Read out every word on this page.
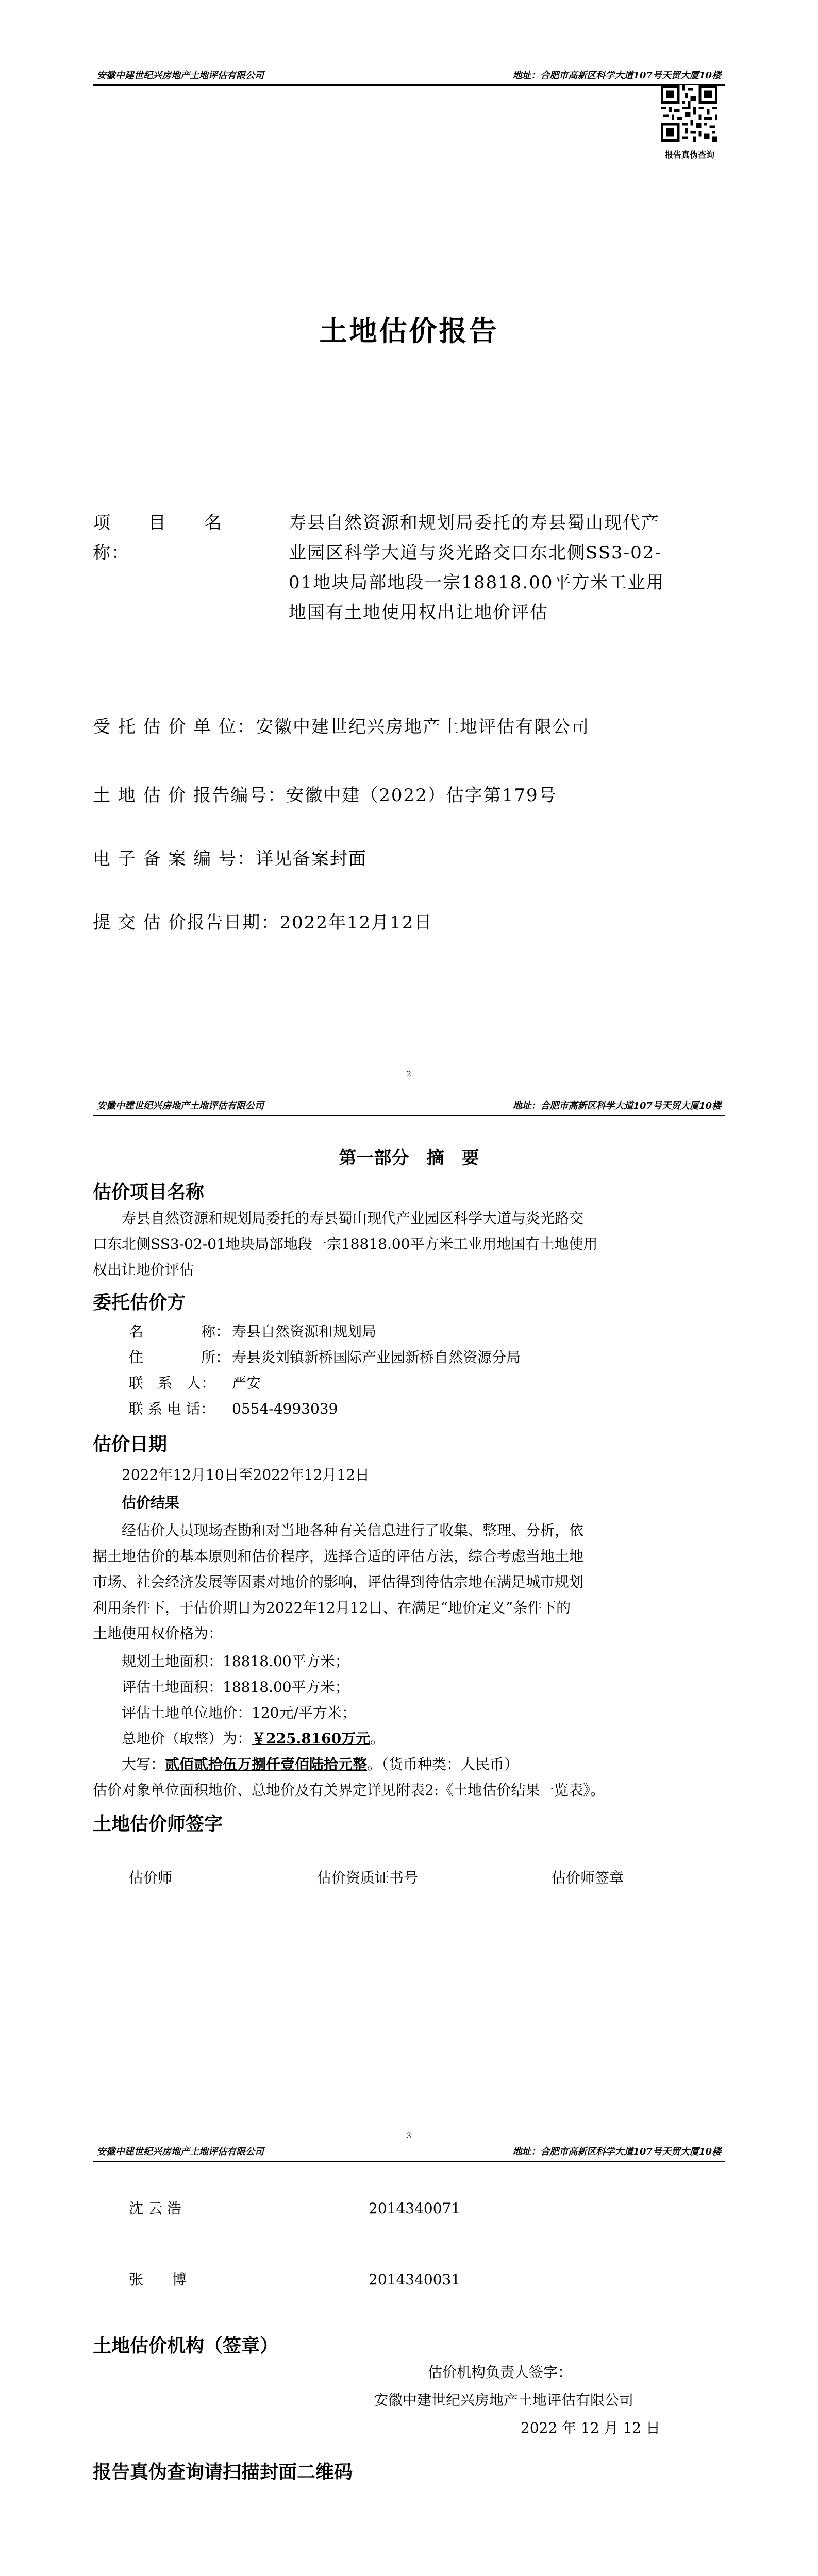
安徽中建世纪兴房地产土地评估有限公司	地址：合肥市高新区科学大道107号天贸大厦10楼
报告真伪查询
土地估价报告
项　　目　　名　　称：
寿县自然资源和规划局委托的寿县蜀山现代产
业园区科学大道与炎光路交口东北侧SS3-02-
01地块局部地段一宗18818.00平方米工业用
地国有土地使用权出让地价评估
受 托 估 价 单 位：安徽中建世纪兴房地产土地评估有限公司
土 地 估 价 报告编号：安徽中建（2022）估字第179号
电 子 备 案 编 号：详见备案封面
提 交 估 价报告日期：2022年12月12日
2
安徽中建世纪兴房地产土地评估有限公司	地址：合肥市高新区科学大道107号天贸大厦10楼
第一部分　摘　要
估价项目名称
寿县自然资源和规划局委托的寿县蜀山现代产业园区科学大道与炎光路交
口东北侧SS3-02-01地块局部地段一宗18818.00平方米工业用地国有土地使用
权出让地价评估
委托估价方
名　　　　称： 寿县自然资源和规划局
住　　　　所： 寿县炎刘镇新桥国际产业园新桥自然资源分局
联　系　人： 严安
联 系 电 话： 0554-4993039
估价日期
2022年12月10日至2022年12月12日
估价结果
经估价人员现场查勘和对当地各种有关信息进行了收集、整理、分析，依
据土地估价的基本原则和估价程序，选择合适的评估方法，综合考虑当地土地
市场、社会经济发展等因素对地价的影响，评估得到待估宗地在满足城市规划
利用条件下，于估价期日为2022年12月12日、在满足“地价定义”条件下的
土地使用权价格为：
规划土地面积：18818.00平方米；
评估土地面积：18818.00平方米；
评估土地单位地价：120元/平方米；
总地价（取整）为：￥225.8160万元。
大写：贰佰贰拾伍万捌仟壹佰陆拾元整。（货币种类：人民币）
估价对象单位面积地价、总地价及有关界定详见附表2:《土地估价结果一览表》。
土地估价师签字
估价师	估价资质证书号	估价师签章
3
安徽中建世纪兴房地产土地评估有限公司	地址：合肥市高新区科学大道107号天贸大厦10楼
沈 云 浩	2014340071
张　　博	2014340031
土地估价机构（签章）
估价机构负责人签字：
安徽中建世纪兴房地产土地评估有限公司
2022 年 12 月 12 日
报告真伪查询请扫描封面二维码
